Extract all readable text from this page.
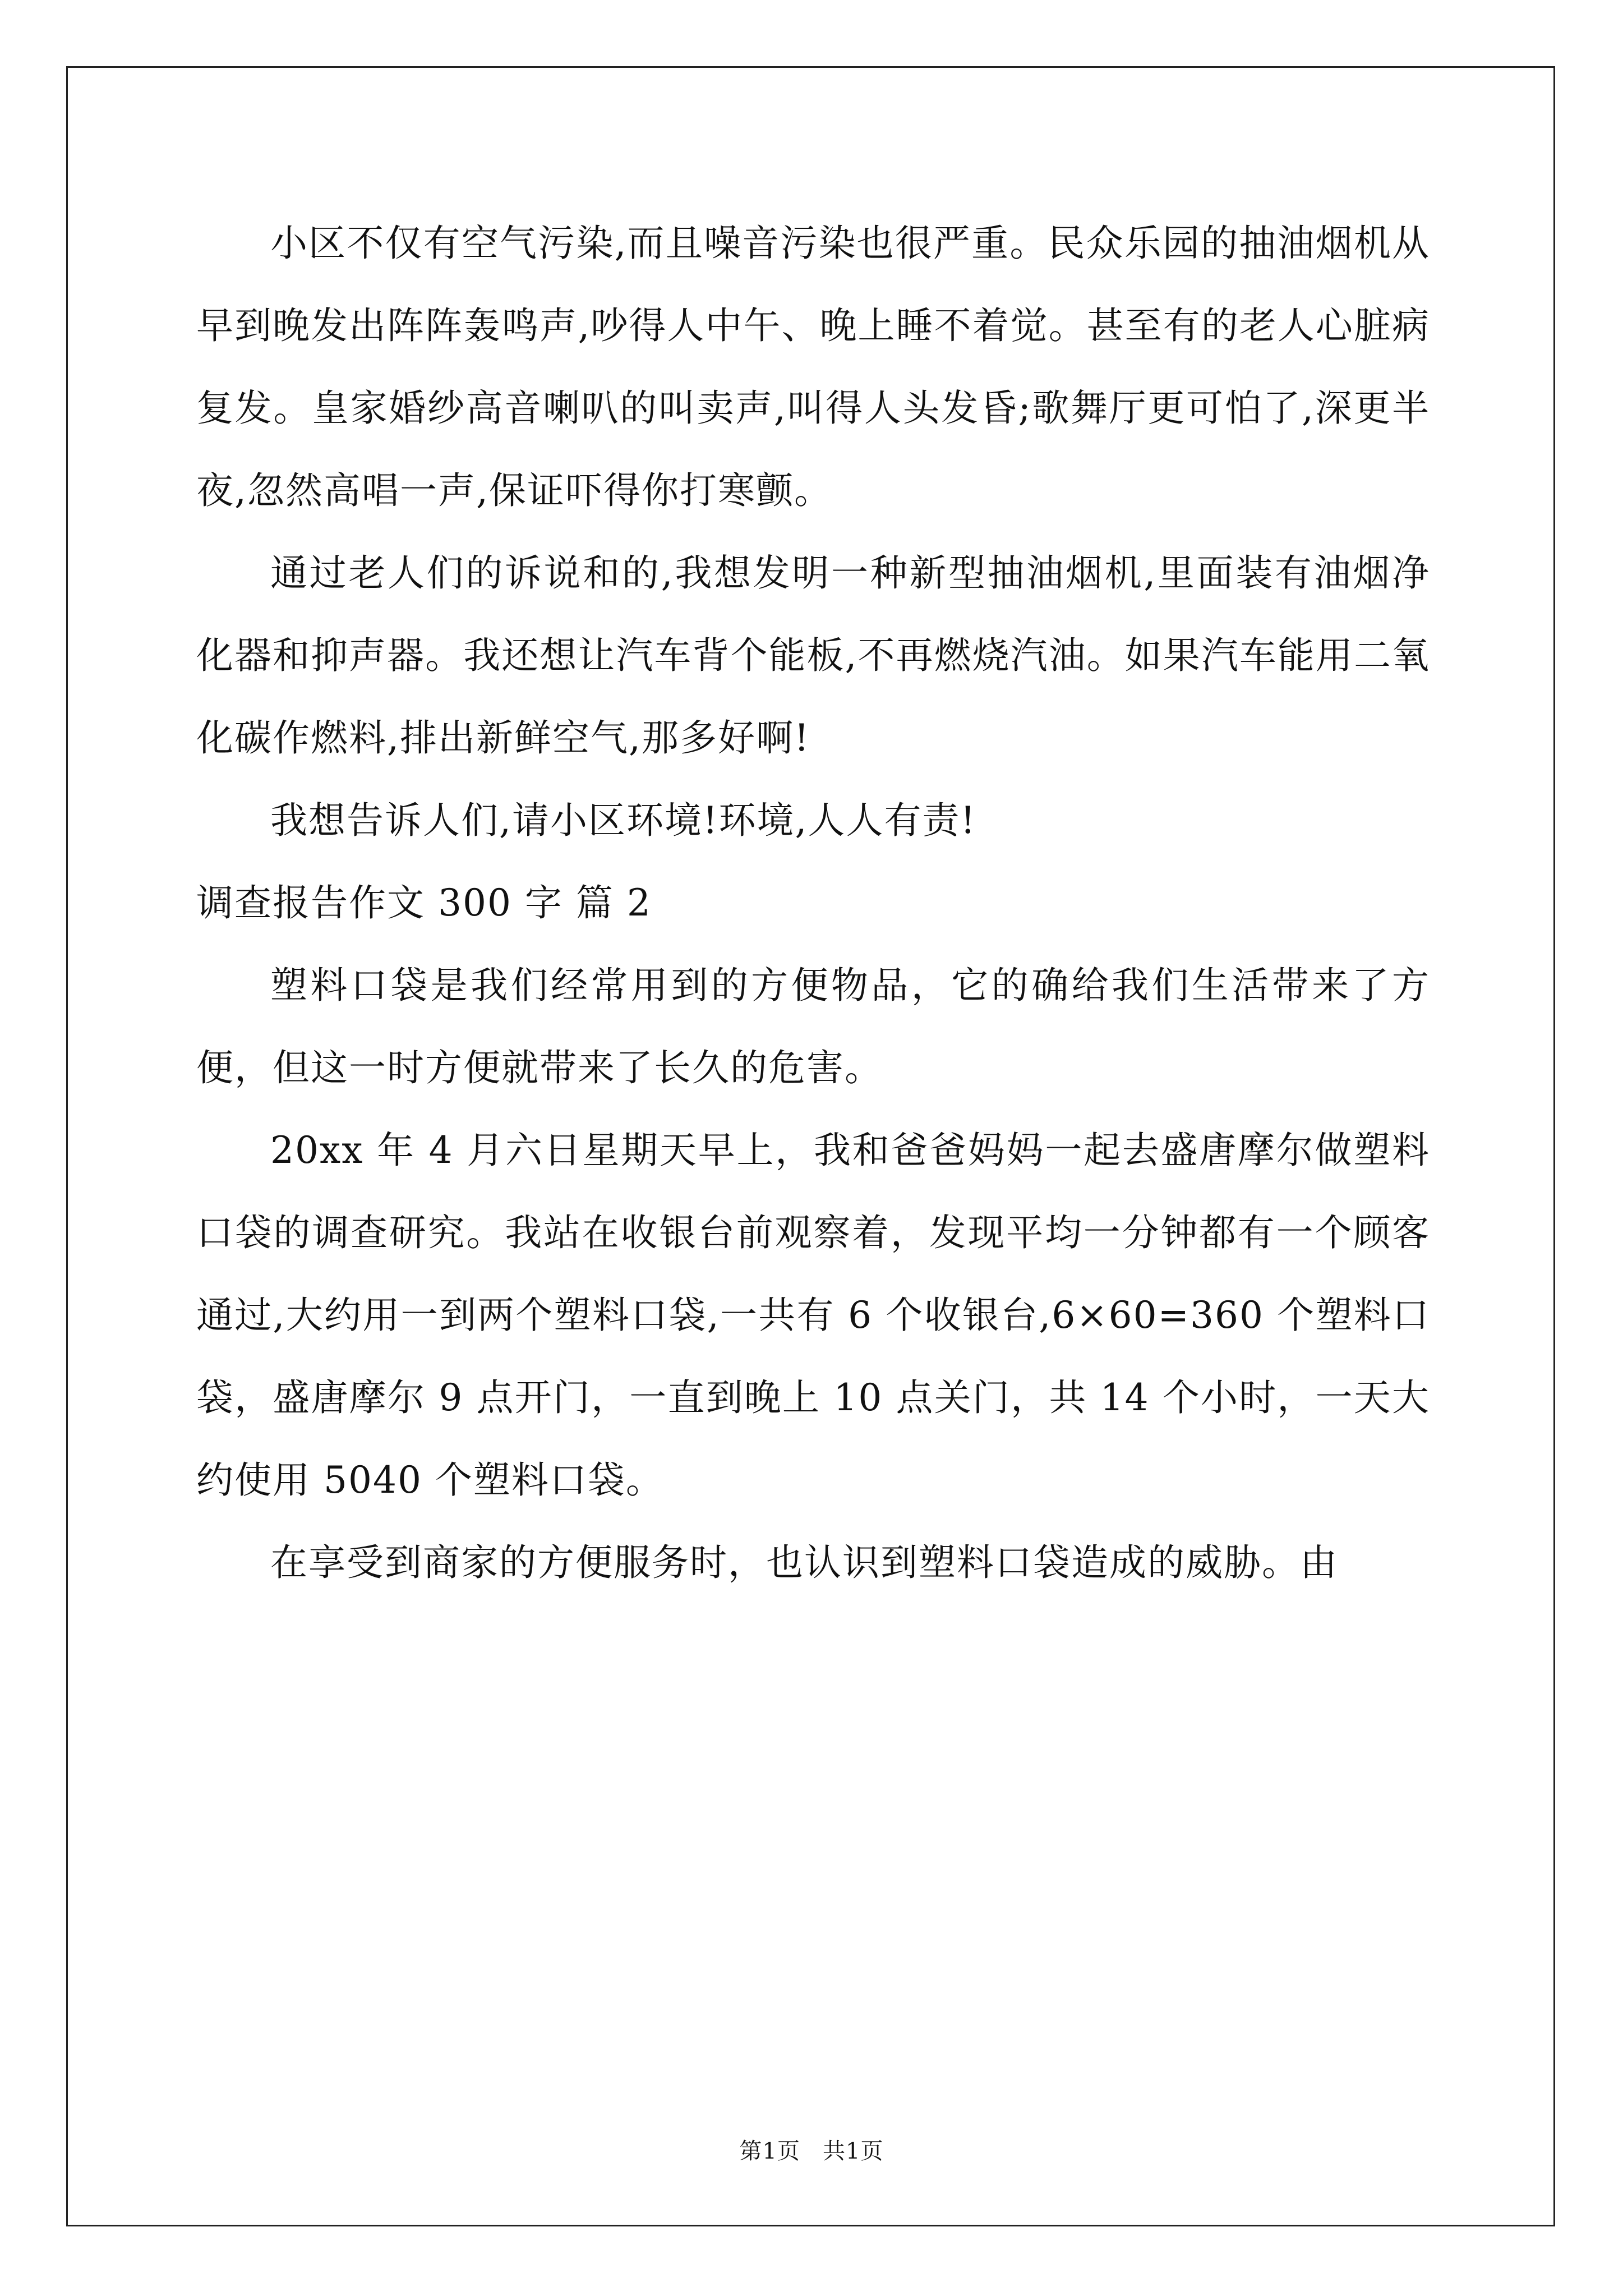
小区不仅有空气污染,而且噪音污染也很严重。民众乐园的抽油烟机从早到晚发出阵阵轰鸣声,吵得人中午、晚上睡不着觉。甚至有的老人心脏病复发。皇家婚纱高音喇叭的叫卖声,叫得人头发昏;歌舞厅更可怕了,深更半夜,忽然高唱一声,保证吓得你打寒颤。

通过老人们的诉说和的,我想发明一种新型抽油烟机,里面装有油烟净化器和抑声器。我还想让汽车背个能板,不再燃烧汽油。如果汽车能用二氧化碳作燃料,排出新鲜空气,那多好啊!

我想告诉人们,请小区环境!环境,人人有责!

调查报告作文 300 字 篇 2

塑料口袋是我们经常用到的方便物品，它的确给我们生活带来了方便，但这一时方便就带来了长久的危害。

20xx 年 4 月六日星期天早上，我和爸爸妈妈一起去盛唐摩尔做塑料口袋的调查研究。我站在收银台前观察着，发现平均一分钟都有一个顾客通过,大约用一到两个塑料口袋,一共有 6 个收银台,6×60=360 个塑料口袋，盛唐摩尔 9 点开门，一直到晚上 10 点关门，共 14 个小时，一天大约使用 5040 个塑料口袋。

在享受到商家的方便服务时，也认识到塑料口袋造成的威胁。由

第1页 共1页
